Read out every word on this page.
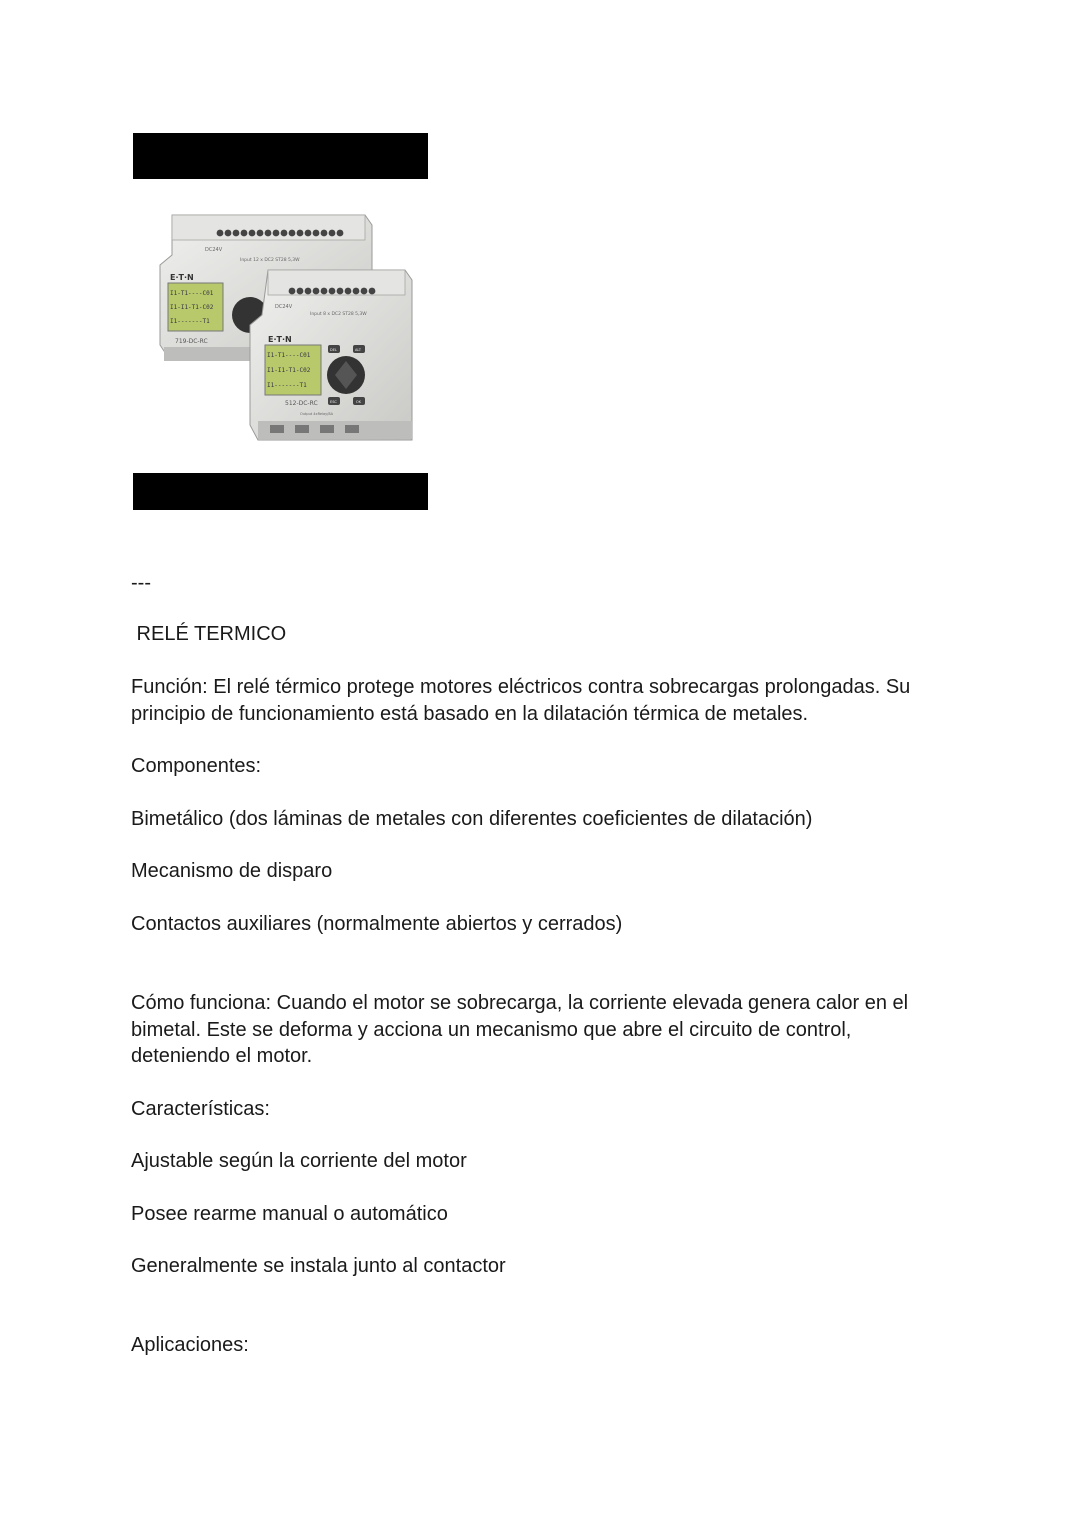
DC24V
Input 12 x DC2 ST28 5,3W
E·T·N
I1-T1----C01
I1-I1-T1-C02
I1-------T1
719-DC-RC
DC24V
Input 8 x DC2 ST28 5,3W
E·T·N
I1-T1----C01
I1-I1-T1-C02
I1-------T1
DEL	ALT
ESC	OK
512-DC-RC
Output 4xRelay/8A

---

RELÉ TERMICO

Función: El relé térmico protege motores eléctricos contra sobrecargas prolongadas. Su principio de funcionamiento está basado en la dilatación térmica de metales.

Componentes:

Bimetálico (dos láminas de metales con diferentes coeficientes de dilatación)

Mecanismo de disparo

Contactos auxiliares (normalmente abiertos y cerrados)

Cómo funciona: Cuando el motor se sobrecarga, la corriente elevada genera calor en el bimetal. Este se deforma y acciona un mecanismo que abre el circuito de control, deteniendo el motor.

Características:

Ajustable según la corriente del motor

Posee rearme manual o automático

Generalmente se instala junto al contactor

Aplicaciones:
